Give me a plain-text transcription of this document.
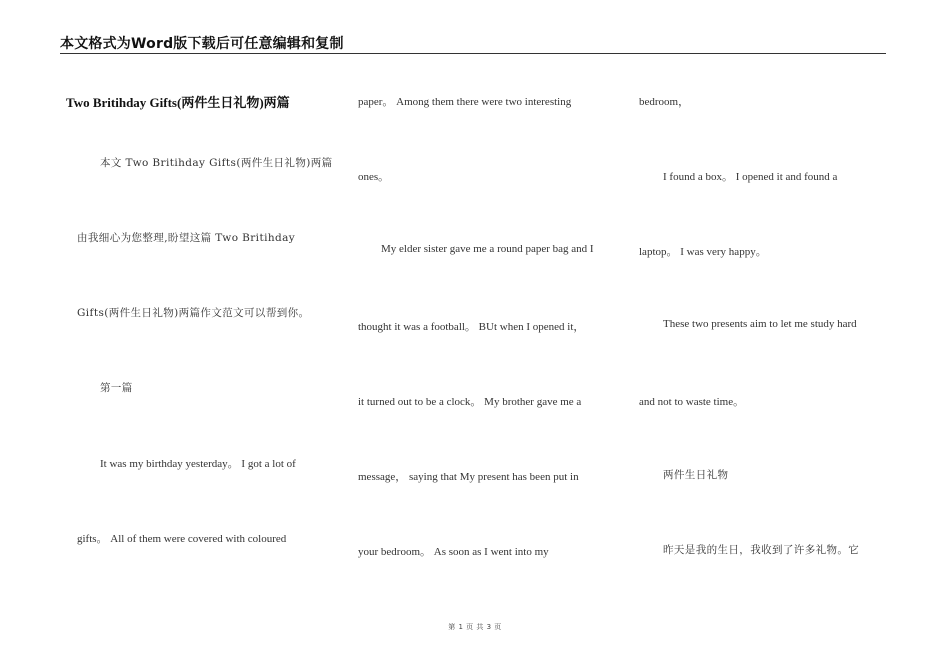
本文格式为Word版下载后可任意编辑和复制
Two Britihday Gifts(两件生日礼物)两篇
本文 Two Britihday Gifts(两件生日礼物)两篇
由我细心为您整理,盼望这篇 Two Britihday
Gifts(两件生日礼物)两篇作文范文可以帮到你。
第一篇
It was my birthday yesterday。 I got a lot of
gifts。 All of them were covered with coloured
paper。 Among them there were two interesting
ones。
My elder sister gave me a round paper bag and I
thought it was a football。 BUt when I opened it，
it turned out to be a clock。 My brother gave me a
message， saying that My present has been put in
your bedroom。 As soon as I went into my
bedroom，
I found a box。 I opened it and found a
laptop。 I was very happy。
These two presents aim to let me study hard
and not to waste time。
两件生日礼物
昨天是我的生日，我收到了许多礼物。它
第 1 页 共 3 页
